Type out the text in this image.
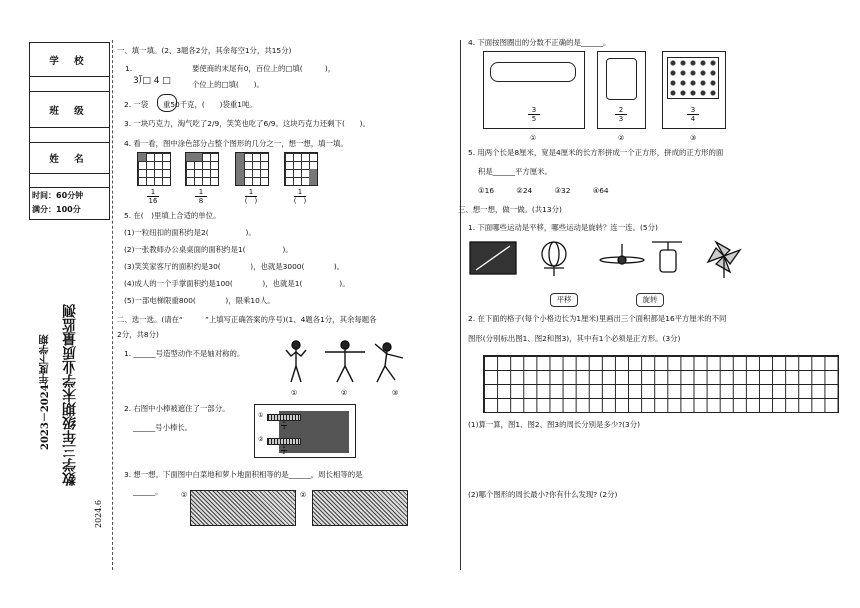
学 校
班 级
姓 名
时间：60分钟
满分：100分
2023－2024年度下学期 数学三年级期末学业质量监测
2024.6
一、填一填。(2、3题各2分，其余每空1分，共15分)
1.
3⟌□ 4 □
要使商的末尾有0，百位上的□填(　　　)，
个位上的□填(　　)。
2. 一袋　　重50千克，(　　)袋重1吨。
3. 一块巧克力，淘气吃了2/9，笑笑也吃了6/9。这块巧克力还剩下(　　)。
4. 看一看，图中涂色部分占整个图形的几分之一，想一想，填一填。
1
16
1
8
1
(　)
1
(　)
5. 在(　)里填上合适的单位。
(1)一粒纽扣的面积约是2(　　　　　)。
(2)一张教师办公桌桌面的面积约是1(　　　　　)。
(3)笑笑家客厅的面积约是30(　　　　)，也就是3000(　　　　)。
(4)成人的一个手掌面积约是100(　　　　)，也就是1(　　　　　)。
(5)一部电梯限重800(　　　　)，限乘10人。
二、选一选。(请在“　　　”上填写正确答案的序号)(1、4题各1分，其余每题各
2分，共8分)
1. ______号造型动作不是轴对称的。
①	②	③
2. 右图中小棒被遮住了一部分。
______号小棒长。
①
②
1
3
1
2
3. 想一想。下面图中白菜地和萝卜地面积相等的是______，周长相等的是
______。	①	②
4. 下面按图圈出的分数不正确的是______。
3
5
2
3
3
4
①	②	③
5. 用两个长是8厘米，宽是4厘米的长方形拼成一个正方形，拼成的正方形的面
积是______平方厘米。
①16　　　②24　　　③32　　　④64
三、想一想，做一做。(共13分)
1. 下面哪些运动是平移，哪些运动是旋转？连一连。(5分)
平移	旋转
2. 在下面的格子(每个小格边长为1厘米)里画出三个面积都是16平方厘米的不同
图形(分别标出图1、图2和图3)，其中有1个必须是正方形。(3分)
(1)算一算，图1、图2、图3的周长分别是多少?(3分)
(2)哪个图形的周长最小?你有什么发现? (2分)
